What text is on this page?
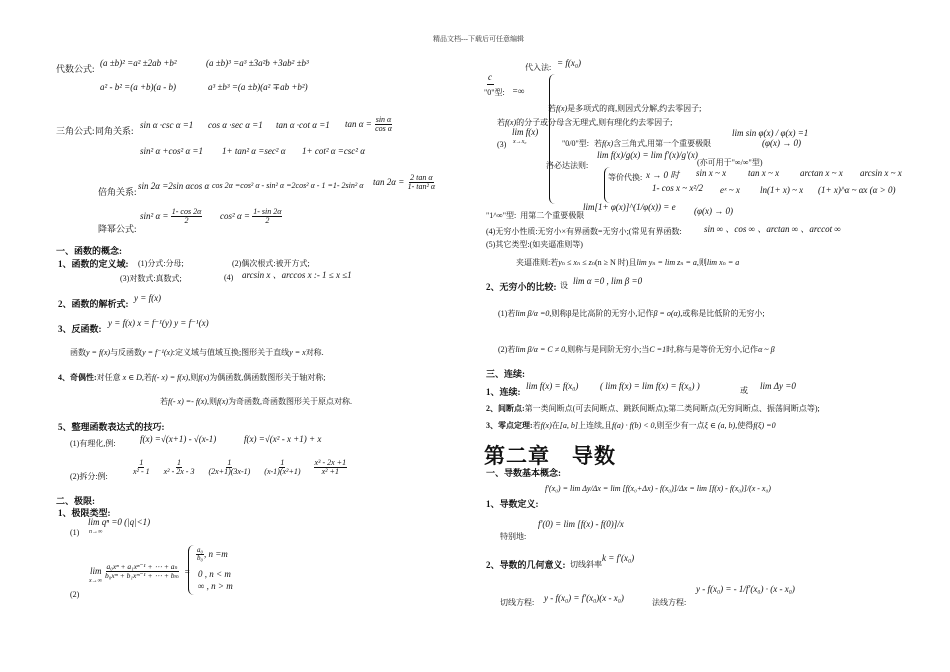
精品文档---下载后可任意编辑
代数公式:
(a ±b)² =a² ±2ab +b²	(a ±b)³ =a³ ±3a²b +3ab² ±b³
a² - b² =(a +b)(a - b)	a³ ±b³ =(a ±b)(a² ∓ab +b²)
三角公式: 同角关系:
sin α ·csc α =1 cos α ·sec α =1 tan α ·cot α =1 $\tan \alpha = \frac{\text{sin α}}{\text{cos α}}$
sin² α +cos² α =1 1+ tan² α =sec² α 1+ cot² α =csc² α
倍角关系:
sin 2α =2sin αcos α cos 2α =cos² α - sin² α =2cos² α - 1 =1- 2sin² α $\tan 2\alpha = \frac{\text{2 tan α}}{\text{1- tan² α}}$
降幂公式:
sin² $\alpha = \frac{1- \cos 2\alpha}{2} \cos^2$ $\alpha = \frac{1- \sin 2\alpha}{2}$
一、函数的概念:
1、函数的定义域: (1)分式:分母;	(2)偶次根式:被开方式;
(3)对数式:真数式;	(4) arcsin x 、arccos x :- 1 ≤ x ≤1
2、函数的解析式:
y = f(x)
3、反函数:
y = f(x) x = f⁻¹(y) y = f⁻¹(x)
函数y = f(x)与反函数y = f⁻¹(x):定义域与值域互换;图形关于直线y = x对称.
4、奇偶性:对任意 x ∈ D,若f(- x) = f(x),则f(x)为偶函数,偶函数图形关于轴对称;
若f(- x) =- f(x),则f(x)为奇函数,奇函数图形关于原点对称.
5、整理函数表达式的技巧:
(1)有理化,例:	f(x) =√(x+1) - √(x-1)	f(x) =√(x² - x +1) + x
(2)拆分:例:	$\frac{1}{\text{x² - 1}} \frac{1}{\text{x² - 2x - 3}} \frac{1}{(2x+1)(3x-1)} \frac{1}{\text{(x-1)(x²+1)}} \frac{\text{x³ - 2x +1}}{\text{x² +1}}$
二、极限:
1、极限类型:
(1)
lim qⁿ =0 (|q|<1)
n→∞
(2)
lim
x→∞
$\frac{\text{a₀xⁿ + a₁xⁿ⁻¹ + ⋯ + aₙ}}{\text{b₀xᵐ + b₁xᵐ⁻¹ + ⋯ + bₘ}}$ =
$\frac{\text{a₀}}{\text{b₀}}$ , n =m
0 , n < m
∞ , n > m
代入法: = f(x₀)
c
"0"型: =∞
若f(x)是多项式的商,则因式分解,约去零因子;
若f(x)的分子或分母含无理式,则有理化约去零因子;
(3)
lim f(x)
x→x₀	"0/0"型: 若f(x)含三角式,用第一个重要极限
lim sin φ(x) / φ(x) =1
(φ(x) → 0)
洛必达法则:
lim f(x)/g(x) = lim f'(x)/g'(x)
(亦可用于"∞/∞"型)
等价代换: x → 0 时 sin x ~ x tan x ~ x arctan x ~ x arcsin x ~ x
1- cos x ~ x²/2 eˣ ~ x ln(1+ x) ~ x (1+ x)^α ~ αx (α > 0)
"1^∞"型: 用第二个重要极限
lim[1+ φ(x)]^(1/φ(x)) = e (φ(x) → 0)
(4)无穷小性质:无穷小×有界函数=无穷小;(常见有界函数: sin ∞ 、cos ∞ 、arctan ∞ 、arccot ∞
(5)其它类型:(如夹逼准则等)
夹逼准则:若yₙ ≤ xₙ ≤ zₙ(n ≥ N 时)且lim yₙ = lim zₙ = a,则lim xₙ = a
2、无穷小的比较: 设 lim α =0 , lim β =0
(1)若lim β/α =0,则称β是比高阶的无穷小,记作β = o(α),或称是比低阶的无穷小;
(2)若lim β/α = C ≠ 0,则称与是同阶无穷小;当C =1时,称与是等价无穷小,记作α ~ β
三、连续:
1、连续:
lim f(x) = f(x₀) ( lim f(x) = lim f(x) = f(x₀) )	或 lim Δy =0
2、间断点:第一类间断点(可去间断点、跳跃间断点);第二类间断点(无穷间断点、振荡间断点等);
3、零点定理:若f(x)在[a, b]上连续,且f(a) · f(b) < 0,则至少有一点ξ ∈ (a, b),使得f(ξ) =0
第二章　导数
一、导数基本概念:
1、导数定义:
f'(x₀) = lim Δy/Δx = lim [f(x₀+Δx) - f(x₀)]/Δx = lim [f(x) - f(x₀)]/(x - x₀)
特别地:
f'(0) = lim [f(x) - f(0)]/x
2、导数的几何意义: 切线斜率
k = f'(x₀)
切线方程: y - f(x₀) = f'(x₀)(x - x₀)	法线方程:
y - f(x₀) = - 1/f'(x₀) · (x - x₀)
